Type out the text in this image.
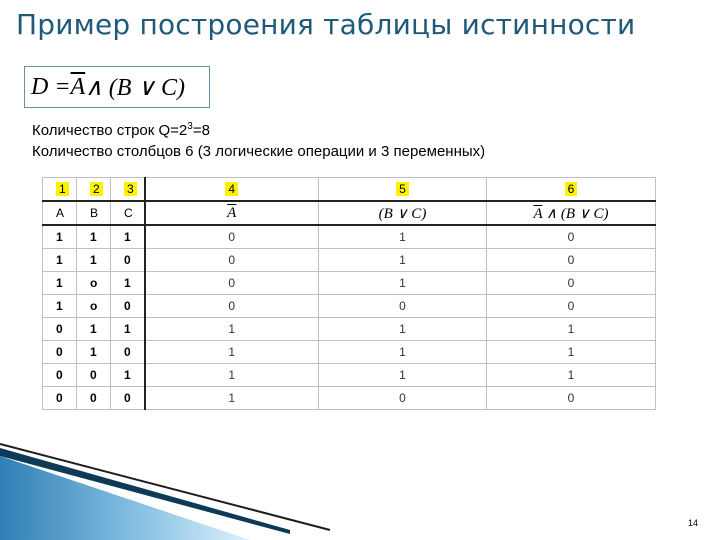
Пример построения таблицы истинности
$D = \overline{A}$ ∧ (B ∨ C)

Количество строк $Q=2^3=8$

Количество столбцов 6 (3 логические операции и 3 переменных)

1	2	3	4	5	6
A	B	C	$\overline{A}$	(B ∨ C)	$\overline{A}$ ∧ (B ∨ C)
1	1	1	0	1	0
1	1	0	0	1	0
1	o	1	0	1	0
1	o	0	0	0	0
0	1	1	1	1	1
0	1	0	1	1	1
0	0	1	1	1	1
0	0	0	1	0	0
14
